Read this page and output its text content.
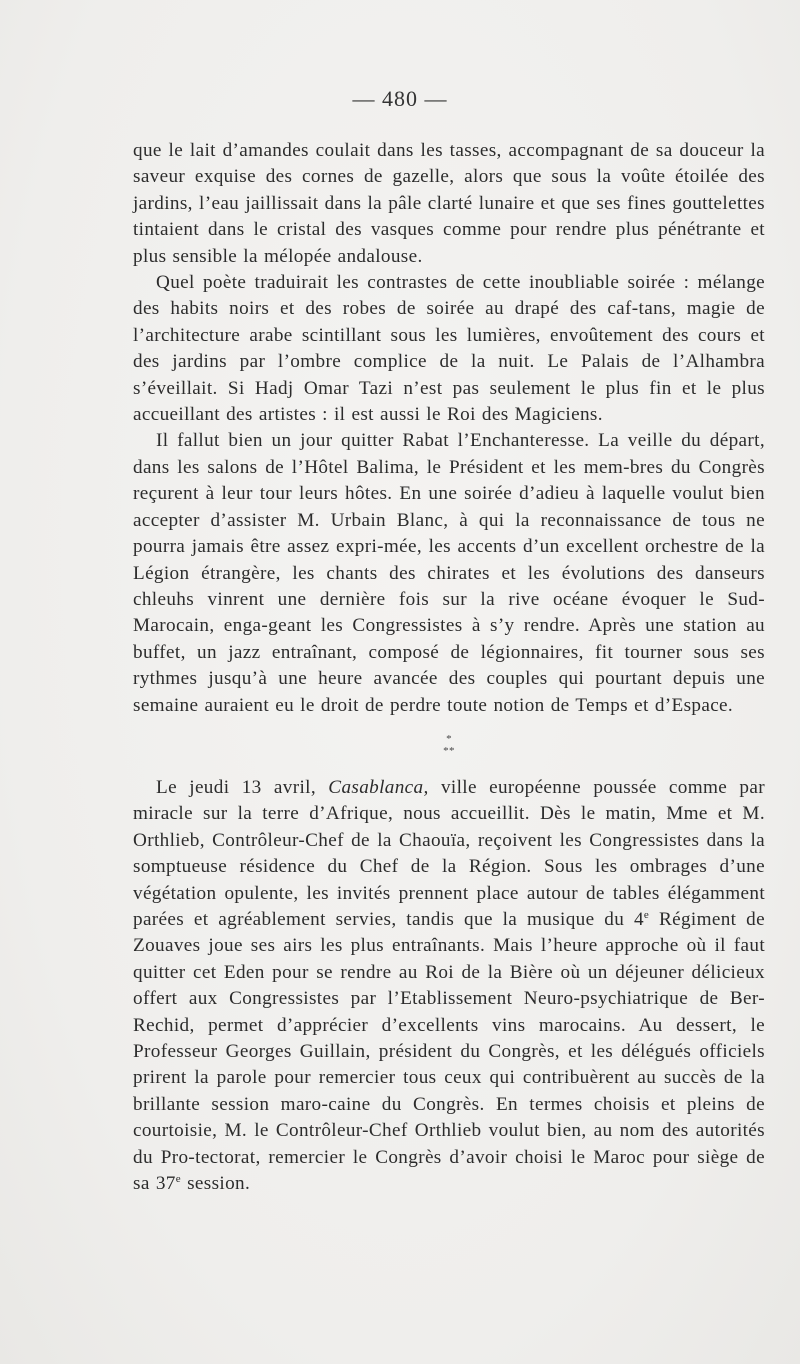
— 480 —

que le lait d’amandes coulait dans les tasses, accompagnant de sa douceur la saveur exquise des cornes de gazelle, alors que sous la voûte étoilée des jardins, l’eau jaillissait dans la pâle clarté lunaire et que ses fines gouttelettes tintaient dans le cristal des vasques comme pour rendre plus pénétrante et plus sensible la mélopée andalouse.

Quel poète traduirait les contrastes de cette inoubliable soirée : mélange des habits noirs et des robes de soirée au drapé des caf-tans, magie de l’architecture arabe scintillant sous les lumières, envoûtement des cours et des jardins par l’ombre complice de la nuit. Le Palais de l’Alhambra s’éveillait. Si Hadj Omar Tazi n’est pas seulement le plus fin et le plus accueillant des artistes : il est aussi le Roi des Magiciens.

Il fallut bien un jour quitter Rabat l’Enchanteresse. La veille du départ, dans les salons de l’Hôtel Balima, le Président et les mem-bres du Congrès reçurent à leur tour leurs hôtes. En une soirée d’adieu à laquelle voulut bien accepter d’assister M. Urbain Blanc, à qui la reconnaissance de tous ne pourra jamais être assez expri-mée, les accents d’un excellent orchestre de la Légion étrangère, les chants des chirates et les évolutions des danseurs chleuhs vinrent une dernière fois sur la rive océane évoquer le Sud-Marocain, enga-geant les Congressistes à s’y rendre. Après une station au buffet, un jazz entraînant, composé de légionnaires, fit tourner sous ses rythmes jusqu’à une heure avancée des couples qui pourtant depuis une semaine auraient eu le droit de perdre toute notion de Temps et d’Espace.

*
**

Le jeudi 13 avril, Casablanca, ville européenne poussée comme par miracle sur la terre d’Afrique, nous accueillit. Dès le matin, Mme et M. Orthlieb, Contrôleur-Chef de la Chaouïa, reçoivent les Congressistes dans la somptueuse résidence du Chef de la Région. Sous les ombrages d’une végétation opulente, les invités prennent place autour de tables élégamment parées et agréablement servies, tandis que la musique du 4e Régiment de Zouaves joue ses airs les plus entraînants. Mais l’heure approche où il faut quitter cet Eden pour se rendre au Roi de la Bière où un déjeuner délicieux offert aux Congressistes par l’Etablissement Neuro-psychiatrique de Ber-Rechid, permet d’apprécier d’excellents vins marocains. Au dessert, le Professeur Georges Guillain, président du Congrès, et les délégués officiels prirent la parole pour remercier tous ceux qui contribuèrent au succès de la brillante session maro-caine du Congrès. En termes choisis et pleins de courtoisie, M. le Contrôleur-Chef Orthlieb voulut bien, au nom des autorités du Pro-tectorat, remercier le Congrès d’avoir choisi le Maroc pour siège de sa 37e session.
